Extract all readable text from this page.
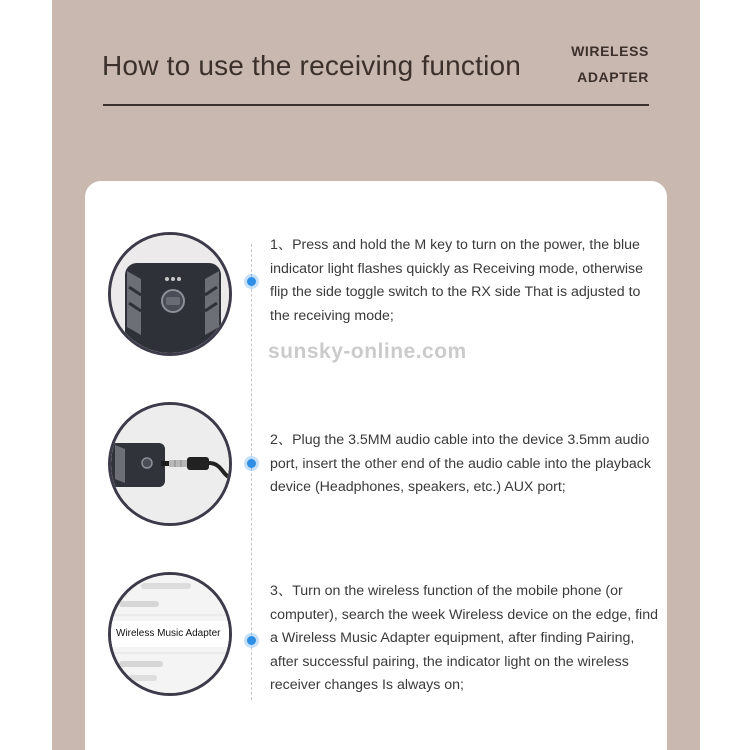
How to use the receiving function	WIRELESS
ADAPTER
Wireless Music Adapter
1、Press and hold the M key to turn on the power, the blue indicator light flashes quickly as Receiving mode, otherwise flip the side toggle switch to the RX side That is adjusted to the receiving mode;
2、Plug the 3.5MM audio cable into the device 3.5mm audio port, insert the other end of the audio cable into the playback device (Headphones, speakers, etc.) AUX port;
3、Turn on the wireless function of the mobile phone (or computer), search the week Wireless device on the edge, find a Wireless Music Adapter equipment, after finding Pairing, after successful pairing, the indicator light on the wireless receiver changes Is always on;
sunsky-online.com
